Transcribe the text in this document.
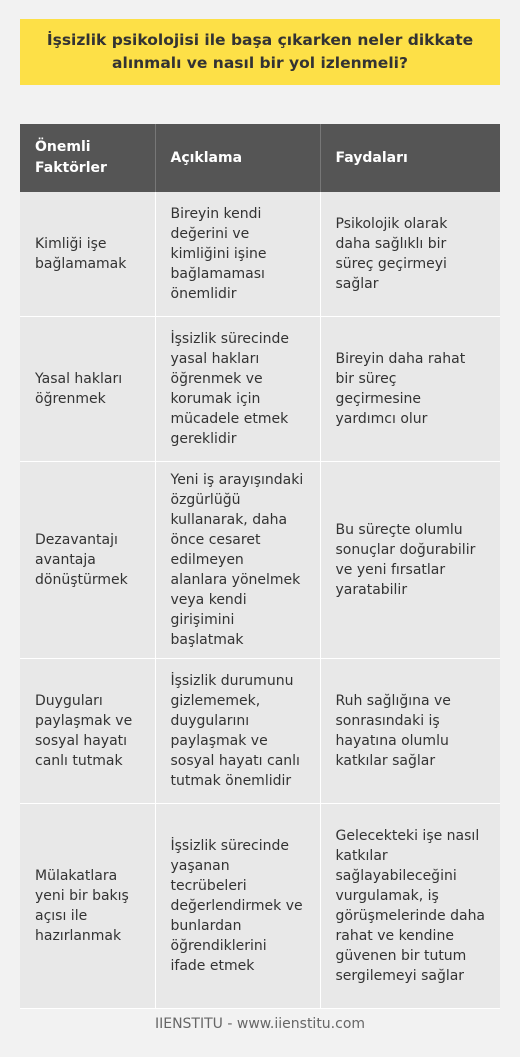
İşsizlik psikolojisi ile başa çıkarken neler dikkate alınmalı ve nasıl bir yol izlenmeli?
Önemli Faktörler	Açıklama	Faydaları
Kimliği işe bağlamamak	Bireyin kendi değerini ve kimliğini işine bağlamaması önemlidir	Psikolojik olarak daha sağlıklı bir süreç geçirmeyi sağlar
Yasal hakları öğrenmek	İşsizlik sürecinde yasal hakları öğrenmek ve korumak için mücadele etmek gereklidir	Bireyin daha rahat bir süreç geçirmesine yardımcı olur
Dezavantajı avantaja dönüştürmek	Yeni iş arayışındaki özgürlüğü kullanarak, daha önce cesaret edilmeyen alanlara yönelmek veya kendi girişimini başlatmak	Bu süreçte olumlu sonuçlar doğurabilir ve yeni fırsatlar yaratabilir
Duyguları paylaşmak ve sosyal hayatı canlı tutmak	İşsizlik durumunu gizlememek, duygularını paylaşmak ve sosyal hayatı canlı tutmak önemlidir	Ruh sağlığına ve sonrasındaki iş hayatına olumlu katkılar sağlar
Mülakatlara yeni bir bakış açısı ile hazırlanmak	İşsizlik sürecinde yaşanan tecrübeleri değerlendirmek ve bunlardan öğrendiklerini ifade etmek	Gelecekteki işe nasıl katkılar sağlayabileceğini vurgulamak, iş görüşmelerinde daha rahat ve kendine güvenen bir tutum sergilemeyi sağlar
IIENSTITU - www.iienstitu.com
